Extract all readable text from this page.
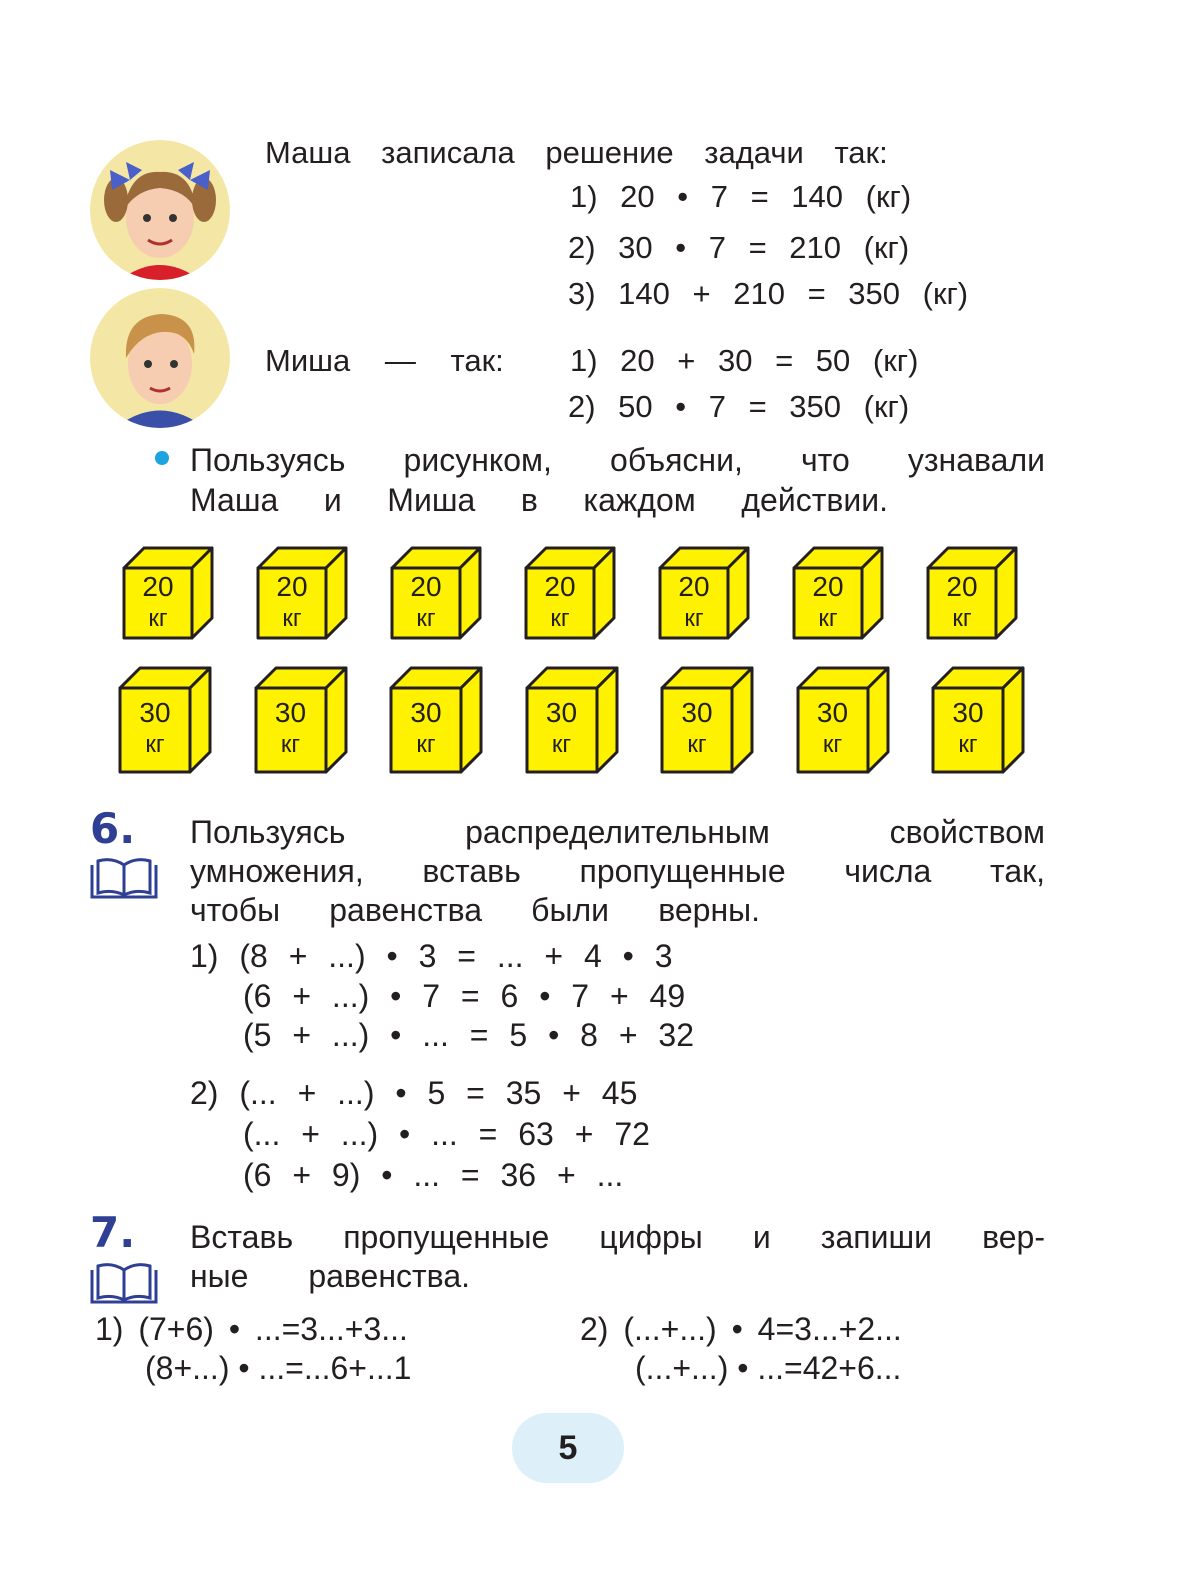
Маша записала решение задачи так:
1) 20 • 7 = 140 (кг)
2) 30 • 7 = 210 (кг)
3) 140 + 210 = 350 (кг)
Миша — так: 1) 20 + 30 = 50 (кг)
2) 50 • 7 = 350 (кг)
Пользуясь рисунком, объясни, что узнавали
Маша и Миша в каждом действии.
20
кг
20
кг
20
кг
20
кг
20
кг
20
кг
20
кг
30
кг
30
кг
30
кг
30
кг
30
кг
30
кг
30
кг
6. Пользуясь распределительным свойством
умножения, вставь пропущенные числа так,
чтобы равенства были верны.
1) (8 + ...) • 3 = ... + 4 • 3
(6 + ...) • 7 = 6 • 7 + 49
(5 + ...) • ... = 5 • 8 + 32
2) (... + ...) • 5 = 35 + 45
(... + ...) • ... = 63 + 72
(6 + 9) • ... = 36 + ...
7. Вставь пропущенные цифры и запиши вер-
ные равенства.
1) (7+6) • ...=3...+3...
(8+...) • ...=...6+...1
2) (...+...) • 4=3...+2...
(...+...) • ...=42+6...
5
